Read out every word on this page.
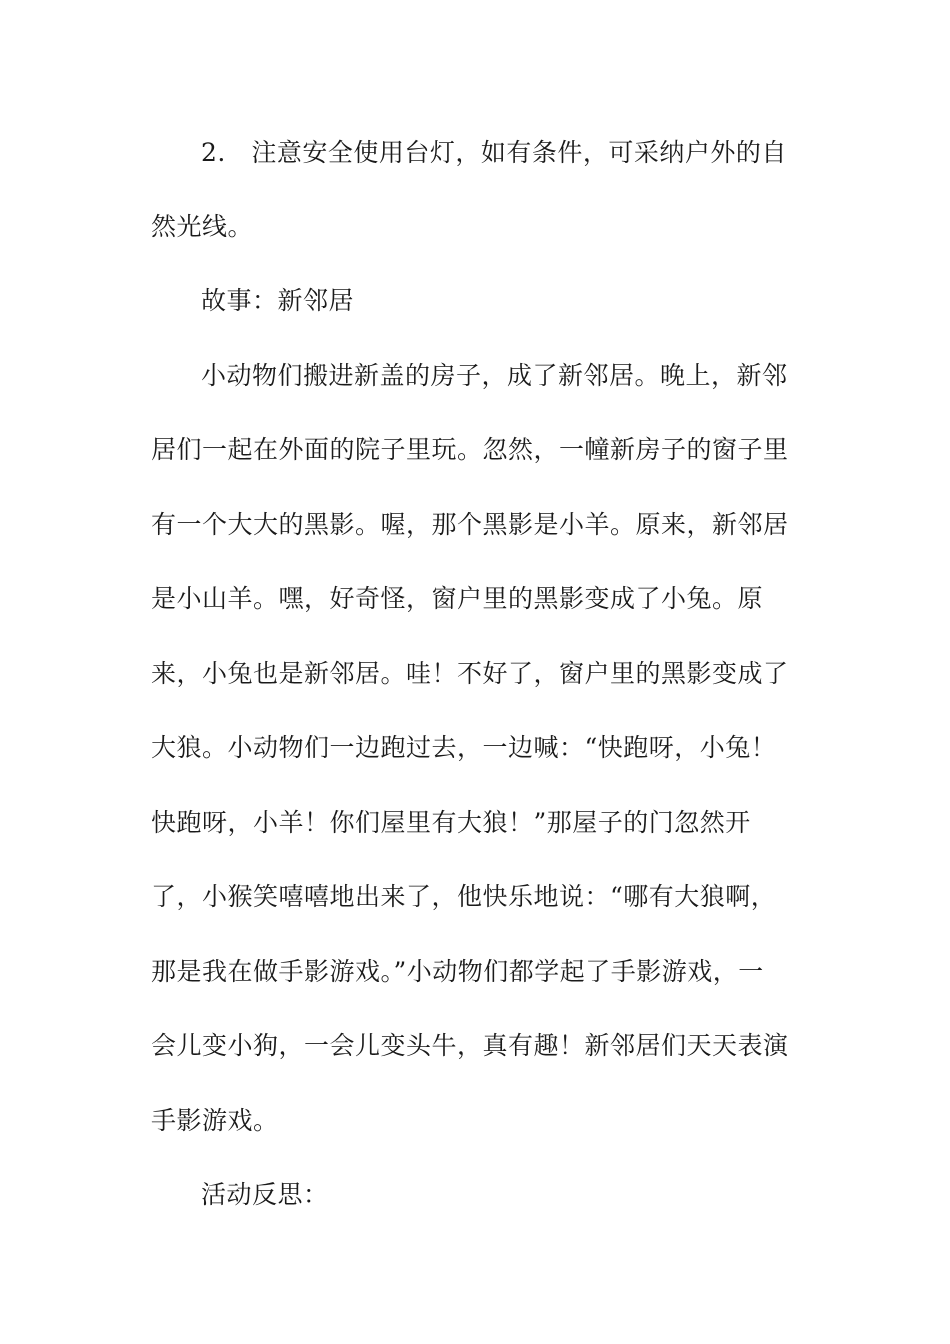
2.　注意安全使用台灯，如有条件，可采纳户外的自
然光线。
故事：新邻居
小动物们搬进新盖的房子，成了新邻居。晚上，新邻
居们一起在外面的院子里玩。忽然，一幢新房子的窗子里
有一个大大的黑影。喔，那个黑影是小羊。原来，新邻居
是小山羊。嘿，好奇怪，窗户里的黑影变成了小兔。原
来，小兔也是新邻居。哇！不好了，窗户里的黑影变成了
大狼。小动物们一边跑过去，一边喊：“快跑呀，小兔！
快跑呀，小羊！你们屋里有大狼！”那屋子的门忽然开
了，小猴笑嘻嘻地出来了，他快乐地说：“哪有大狼啊，
那是我在做手影游戏。”小动物们都学起了手影游戏，一
会儿变小狗，一会儿变头牛，真有趣！新邻居们天天表演
手影游戏。
活动反思：
